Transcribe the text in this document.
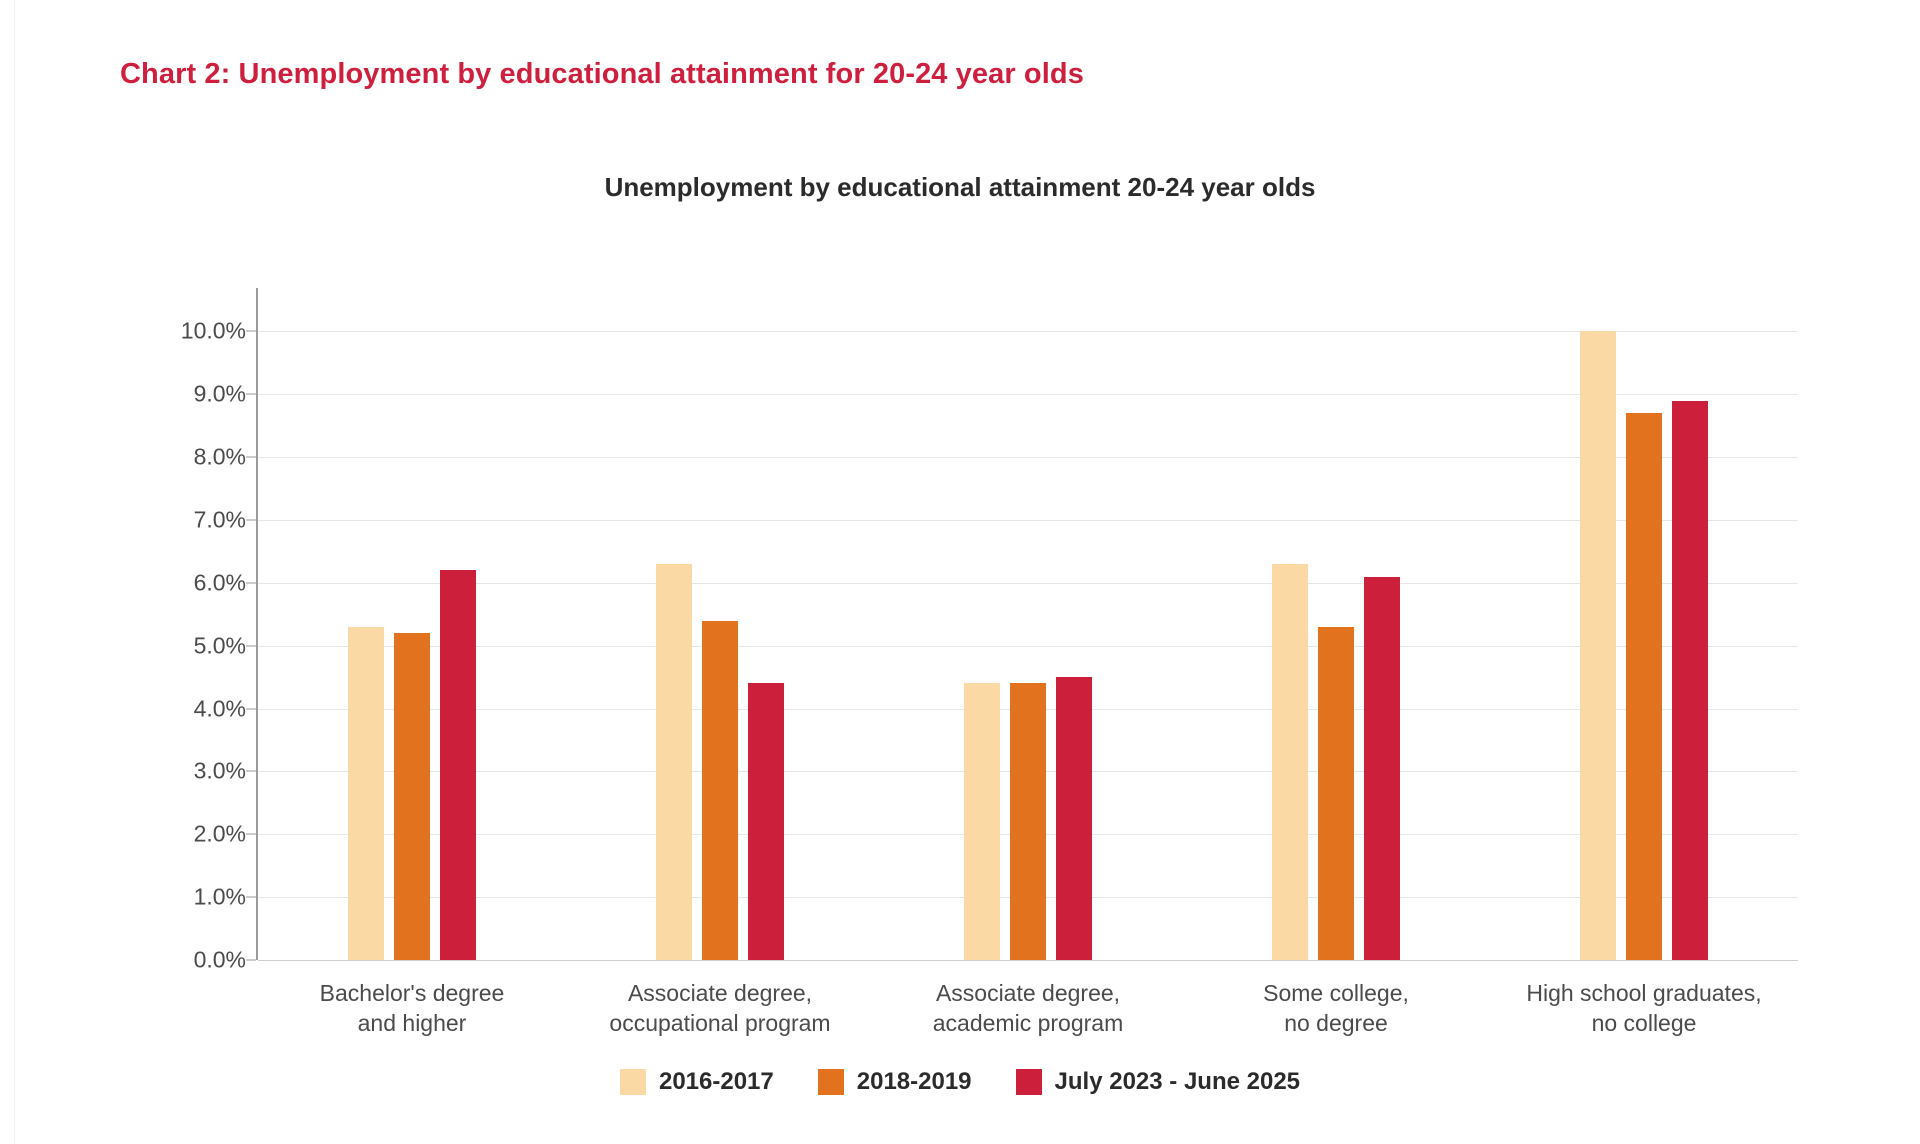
Chart 2: Unemployment by educational attainment for 20-24 year olds
Unemployment by educational attainment 20-24 year olds
0.0%
1.0%
2.0%
3.0%
4.0%
5.0%
6.0%
7.0%
8.0%
9.0%
10.0%
Bachelor's degree
and higher
Associate degree,
occupational program
Associate degree,
academic program
Some college,
no degree
High school graduates,
no college
2016-2017	2018-2019	July 2023 - June 2025
